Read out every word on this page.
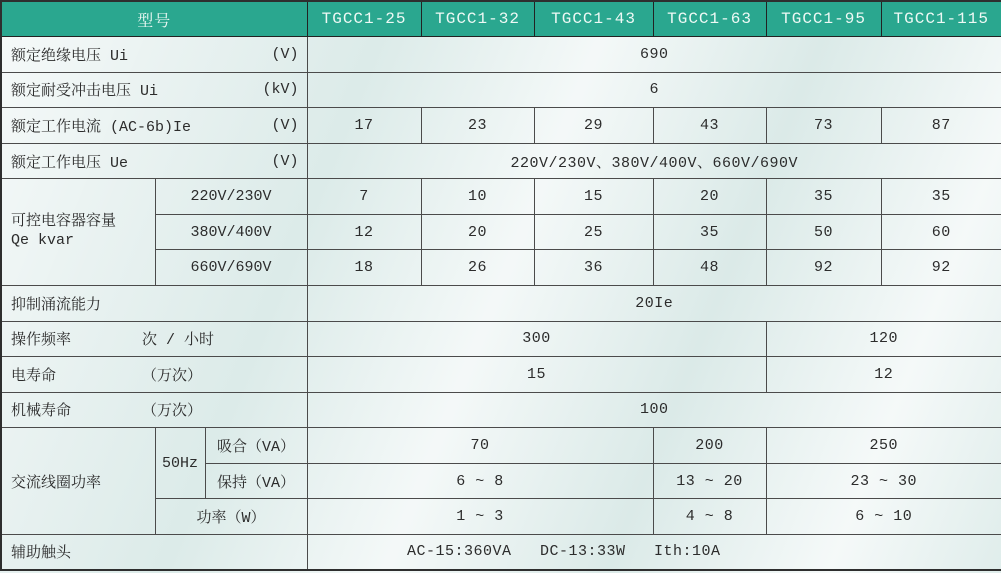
型号			TGCC1-25	TGCC1-32	TGCC1-43	TGCC1-63	TGCC1-95	TGCC1-115

额定绝缘电压 Ui (V)			690					

额定耐受冲击电压 Ui (kV)			6					

额定工作电流 (AC-6b)Ie (V)			17	23	29	43	73	87

额定工作电压 Ue (V)			220V/230V、380V/400V、660V/690V					
可控电容器容量
Qe kvar	220V/230V		7	10	15	20	35	35
	380V/400V		12	20	25	35	50	60
	660V/690V		18	26	36	48	92	92
抑制涌流能力			20Ie					

操作频率 次 / 小时			300				120	

电寿命 （万次）			15				12	

机械寿命 （万次）			100					
交流线圈功率	50Hz	吸合（VA）	70			200	250	
		保持（VA）	6 ~ 8			13 ~ 20	23 ~ 30	
	功率（W）		1 ~ 3			4 ~ 8	6 ~ 10	
辅助触头			AC-15:360VA   DC-13:33W   Ith:10A					
